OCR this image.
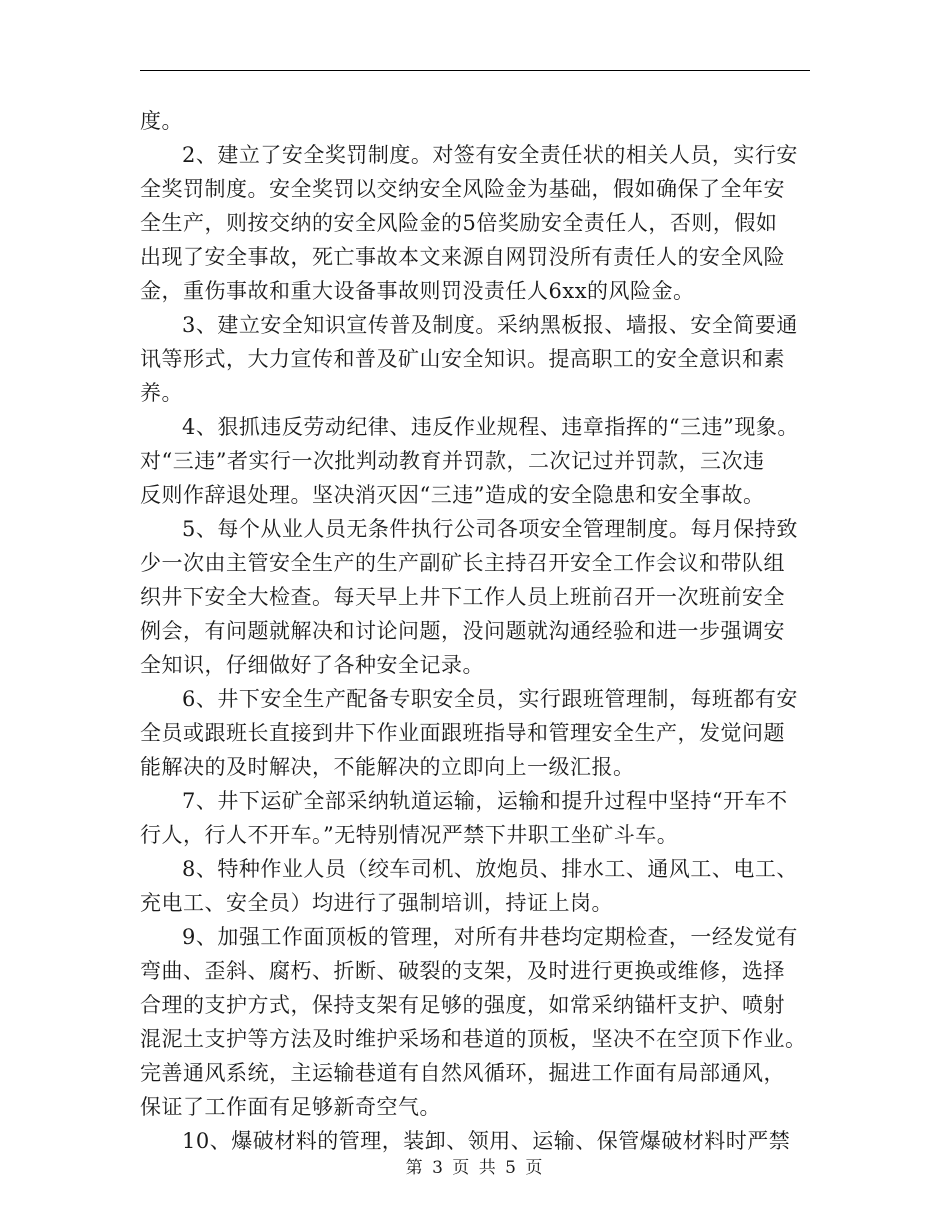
度。
2、建立了安全奖罚制度。对签有安全责任状的相关人员，实行安
全奖罚制度。安全奖罚以交纳安全风险金为基础，假如确保了全年安
全生产，则按交纳的安全风险金的5倍奖励安全责任人，否则，假如
出现了安全事故，死亡事故本文来源自网罚没所有责任人的安全风险
金，重伤事故和重大设备事故则罚没责任人6xx的风险金。
3、建立安全知识宣传普及制度。采纳黑板报、墙报、安全简要通
讯等形式，大力宣传和普及矿山安全知识。提高职工的安全意识和素
养。
4、狠抓违反劳动纪律、违反作业规程、违章指挥的“三违”现象。
对“三违”者实行一次批判动教育并罚款，二次记过并罚款，三次违
反则作辞退处理。坚决消灭因“三违”造成的安全隐患和安全事故。
5、每个从业人员无条件执行公司各项安全管理制度。每月保持致
少一次由主管安全生产的生产副矿长主持召开安全工作会议和带队组
织井下安全大检查。每天早上井下工作人员上班前召开一次班前安全
例会，有问题就解决和讨论问题，没问题就沟通经验和进一步强调安
全知识，仔细做好了各种安全记录。
6、井下安全生产配备专职安全员，实行跟班管理制，每班都有安
全员或跟班长直接到井下作业面跟班指导和管理安全生产，发觉问题
能解决的及时解决，不能解决的立即向上一级汇报。
7、井下运矿全部采纳轨道运输，运输和提升过程中坚持“开车不
行人，行人不开车。”无特别情况严禁下井职工坐矿斗车。
8、特种作业人员（绞车司机、放炮员、排水工、通风工、电工、
充电工、安全员）均进行了强制培训，持证上岗。
9、加强工作面顶板的管理，对所有井巷均定期检查，一经发觉有
弯曲、歪斜、腐朽、折断、破裂的支架，及时进行更换或维修，选择
合理的支护方式，保持支架有足够的强度，如常采纳锚杆支护、喷射
混泥土支护等方法及时维护采场和巷道的顶板，坚决不在空顶下作业。
完善通风系统，主运输巷道有自然风循环，掘进工作面有局部通风，
保证了工作面有足够新奇空气。
10、爆破材料的管理，装卸、领用、运输、保管爆破材料时严禁
第 3 页 共 5 页
